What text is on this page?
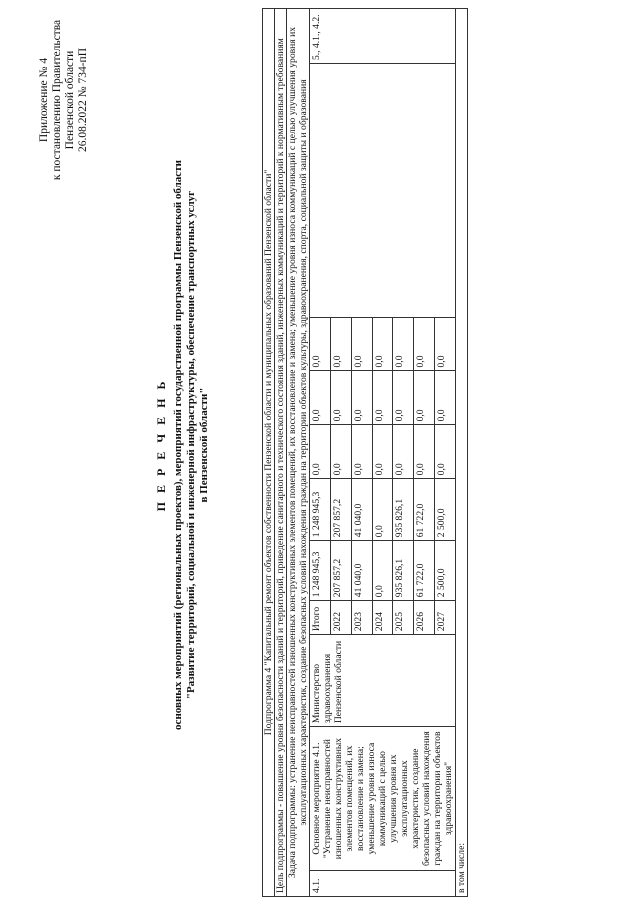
Приложение № 4 к постановлению Правительства Пензенской области 26.08.2022 № 734-пП
П Е Р Е Ч Е Н Ь основных мероприятий (региональных проектов), мероприятий государственной программы Пензенской области "Развитие территорий, социальной и инженерной инфраструктуры, обеспечение транспортных услуг в Пензенской области"	Подпрограмма 4 "Капитальный ремонт объектов собственности Пензенской области и муниципальных образований Пензенской области"										
Цель подпрограммы - повышение уровня безопасности зданий и территорий, приведение санитарного и технического состояния зданий, инженерных коммуникаций и территорий к нормативным требованиям										
Задача подпрограммы: устранение неисправностей изношенных конструктивных элементов помещений, их восстановление и замена; уменьшение уровня износа коммуникаций с целью улучшения уровня их эксплуатационных характеристик, создание безопасных условий нахождения граждан на территории объектов культуры, здравоохранения, спорта, социальной защиты и образования										
4.1.	Основное мероприятие 4.1. "Устранение неисправностей изношенных конструктивных элементов помещений, их восстановление и замена; уменьшение уровня износа коммуникаций с целью улучшения уровня их эксплуатационных характеристик, создание безопасных условий нахождения граждан на территории объектов здравоохранения"	Министерство здравоохранения Пензенской области	Итого	1 248 945,3	1 248 945,3	0,0	0,0	0,0		5., 4.1., 4.2.
			2022	207 857,2	207 857,2	0,0	0,0	0,0		
			2023	41 040,0	41 040,0	0,0	0,0	0,0		
			2024	0,0	0,0	0,0	0,0	0,0		
			2025	935 826,1	935 826,1	0,0	0,0	0,0		
			2026	61 722,0	61 722,0	0,0	0,0	0,0		
			2027	2 500,0	2 500,0	0,0	0,0	0,0		
в том числе:										
